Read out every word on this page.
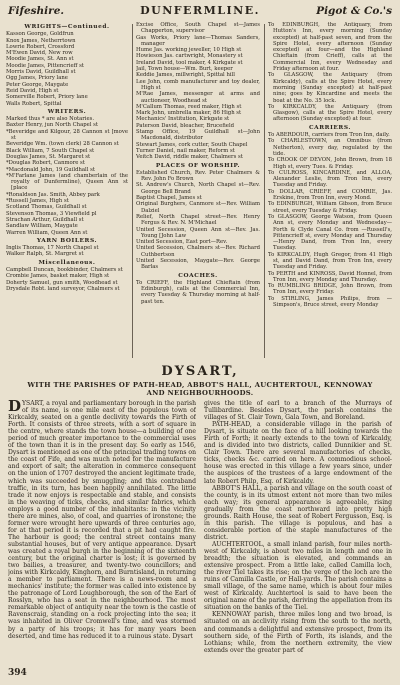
Fifeshire.	DUNFERMLINE.	Pigot & Co.'s
WRIGHTS—Continued.
Kasson George, Goldfrun
Knox James, Netherrtown
Lowrie Robert, Crossford
M'Ewen David, New row
Moodie James, St. Ann st
Moodie James, Pittencrieff st
Morris David, Guildhall st
Ogg James, Priory lane
Peter George, Maygate
Reid David, High st
Somerville Robert, Priory lane
Walls Robert, Spittal
WRITERS.
Marked thus * are also Notaries.
Baxter Henry, jun North Chapel st
*Beveridge and Kilgour, 28 Cannon st [move st
Beveridge Wm. (town clerk) 28 Cannon st
Black William, 7 South Chapel st
Douglas James, St. Margaret st
*Douglas Robert, Canmore st
*Macdonald John, 19 Guildhall st
*M'Farlane James (and chamberlain of the royalty of Dunfermline), Queen Ann st [place
*Ronaldson Jas. Smith, Abbey park
*Russell James, High st
Scotland Thomas, Guildhall st
Stevenson Thomas, 3 Viewfield pl
Strachan Arthur, Guildhall st
Sandlaw William, Maygate
Warren William, Queen Ann st
YARN BOILERS.
Inglis Thomas, 17 North Chapel st
Walker Ralph, St. Margret st
Miscellaneous.
Campbell Duncan, bookbinder, Chalmers st
Crombie James, basket maker, High st
Doherty Samuel, gun smith, Woodhead st
Drysdale Robt. land surveyor, Chalmers st
Excise Office, South Chapel st—James Chapperton, supervisor
Gas Works, Priory lane—Thomas Sanders, manager
Hume Jas. working jeweller, 10 High st
Howieson Jas. cartwright, Monastery st
Ireland David, tool maker, 4 Kirkgate st
Jail, Town house—Wm. Burt, keeper
Keddie James, millwright, Spittal hill
Lee John, comb manufacturer and toy dealer, High st
M'Rae James, messenger at arms and auctioneer, Woodhead st
M'Callum Thomas, reed maker, High st
Mark John, umbrella maker, 86 High st
Mechanics' Institution, Kirkgate st
Paterson David, bleacher, Brucefield
Stamp Office, 19 Guildhall st—John Macdonald, distributor
Stewart James, cork cutter, South Chapel
Turner Daniel, nail maker, Reform st
Veitch David, riddle maker, Chalmers st
PLACES OF WORSHIP.
Established Church, Rev. Peter Chalmers & Rev. John Fo Brown
St. Andrew's Church, North Chapel st—Rev. George Bell Brand
Baptist Chapel, James st
Original Burghers, Canmore st—Rev. William Dalziel
Relief, North Chapel street—Rev. Henry Fergus & Rev. N. M'Michael
United Secession, Queen Ann st—Rev. Jas. Young [John Law
United Secession, East port—Rev.
United Secession, Chalmers st—Rev. Richard Cuthbertson
United Secession, Maygate—Rev. George Barlas
COACHES.
To CRIEFF, the Highland Chieftain (from Edinburgh), calls at the Commercial Inn, every Tuesday & Thursday morning at half-past ten.
To EDINBURGH, the Antiquary, from Hutton's Inn, every morning (Sunday excepted) at half-past seven, and from the Spire Hotel, every afternoon (Sunday excepted) at four—and the Highland Chieftain (from Crieff), calls at the Commercial Inn, every Wednesday and Friday afternoon at four.
To GLASGOW, the Antiquary (from Kirkcaldy), calls at the Spire Hotel, every morning (Sunday excepted) at half-past nine; goes by Kincardine and meets the boat at the No. 35 lock.
To KIRKCALDY, the Antiquary (from Glasgow), calls at the Spire Hotel, every afternoon (Sunday excepted) at four.
CARRIERS.
To ABERDOUR, carriers from Tron Inn, daily.
To CHARLESTOWN, an Omnibus (from Netherton), every day, regulated by the tide.
To CROOK OF DEVON, John Brown, from 18 High st, every Tues. & Friday.
To CULROSS, KINCARDINE, and ALLOA, Alexander Leslie, from Tron Inn, every Tuesday and Friday.
To DOLLAR, CRIEFF, and COMRIE, Jas. Erskine, from Tron Inn, every Mond.
To EDINBURGH, William Gibson, from Bruce street, every Tuesday & Friday.
To GLASGOW, George Watson, from Queen Ann st, every Monday and Wednesday—Forth & Clyde Canal Co. from —Russell's, Pittencrieff st, every Monday and Thursday—Henry Dand, from Tron Inn, every Tuesday.
To KIRKCALDY, Hugh Gregor, from 41 High st, and David Dand, from Tron Inn, every Tuesday and Friday.
To PERTH and KINROSS, David Honnel, from Tron Inn, every Monday and Thursday.
To RUMBLING BRIDGE, John Brown, from Tron Inn, every Friday.
To STIRLING, James Philips, from — Simpson's, Bruce street, every Monday
DYSART,
WITH THE PARISHES OF PATH-HEAD, ABBOT'S HALL, AUCHTERTOUL, KENNOWAY
AND NEIGHBOURHOODS.

DYSART, a royal and parliamentary borough in the parish of its name, is one mile east of the populous town of Kirkcaldy, seated on a gentle declivity towards the Firth of Forth. It consists of three streets, with a sort of square in the centre, where stands the town house—a building of one period of much greater importance to the commercial uses of the town than it is in the present day. So early as 1546, Dysart is mentioned as one of the principal trading towns on the coast of Fife, and was much noted for the manufacture and export of salt; the alteration in commerce consequent on the union of 1707 destroyed the ancient legitimate trade, which was succeeded by smuggling; and this contraband traffic, in its turn, has been happily annihilated. The little trade it now enjoys is respectable and stable, and consists in the weaving of ticks, checks, and similar fabrics, which employs a good number of the inhabitants: in the vicinity there are mines, also, of coal, and quarries of ironstone; the former were wrought here upwards of three centuries ago, for at that period it is recorded that a pit had caught fire. The harbour is good; the central street contains many substantial houses, but of very antique appearance. Dysart was created a royal burgh in the beginning of the sixteenth century, but the original charter is lost; it is governed by two bailies, a treasurer, and twenty-two councillors; and joins with Kirkcaldy, Kinghorn, and Burntisland, in returning a member to parliament. There is a news-room and a mechanics' institute; the former was called into existence by the patronage of Lord Loughborough, the son of the Earl of Rosslyn, who has a seat in the neighbourhood. The most remarkable object of antiquity near the town is the castle of Ravenscraig, standing on a rock projecting into the sea; it was inhabited in Oliver Cromwell's time, and was stormed by a party of his troops; it has for many years been deserted, and time has reduced it to a ruinous state. Dysart

gives the title of earl to a branch of the Murrays of Tullibardine. Besides Dysart, the parish contains the villages of St. Clair Town, Gala Town, and Boreland.

PATH-HEAD, a considerable village in the parish of Dysart, is situate on the face of a hill looking towards the Firth of Forth; it nearly extends to the town of Kirkcaldy, and is divided into two districts, called Dunnikier and St. Clair Town. There are several manufactories of checks, ticks, checks &c. carried on here. A commodious school-house was erected in this village a few years since, under the auspices of the trustees of a large endowment of the late Robert Philp, Esq. of Kirkcaldy.

ABBOT'S HALL, a parish and village on the south coast of the county, is in its utmost extent not more than two miles each way; its general appearance is agreeable, rising gradually from the coast northward into pretty high grounds. Raith House, the seat of Robert Fergusson, Esq. is in this parish. The village is populous, and has a considerable portion of the staple manufactures of the district.

AUCHTERTOOL, a small inland parish, four miles north-west of Kirkcaldy, is about two miles in length and one in breadth; the situation is elevated, and commands an extensive prospect. From a little lake, called Camilla loch, the river Tiel takes its rise; on the verge of the loch are the ruins of Camilla Castle, or Hall-yards. The parish contains a small village, of the same name, which is about four miles west of Kirkcaldy. Auchtertool is said to have been the original name of the parish, deriving the appellation from its situation on the banks of the Tiel.

KENNOWAY parish, three miles long and two broad, is situated on an acclivity rising from the south to the north, and commands a delightful and extensive prospect, from its southern side, of the Firth of Forth, its islands, and the Lothians; while, from the northern extremity, the view extends over the greater part of

394
